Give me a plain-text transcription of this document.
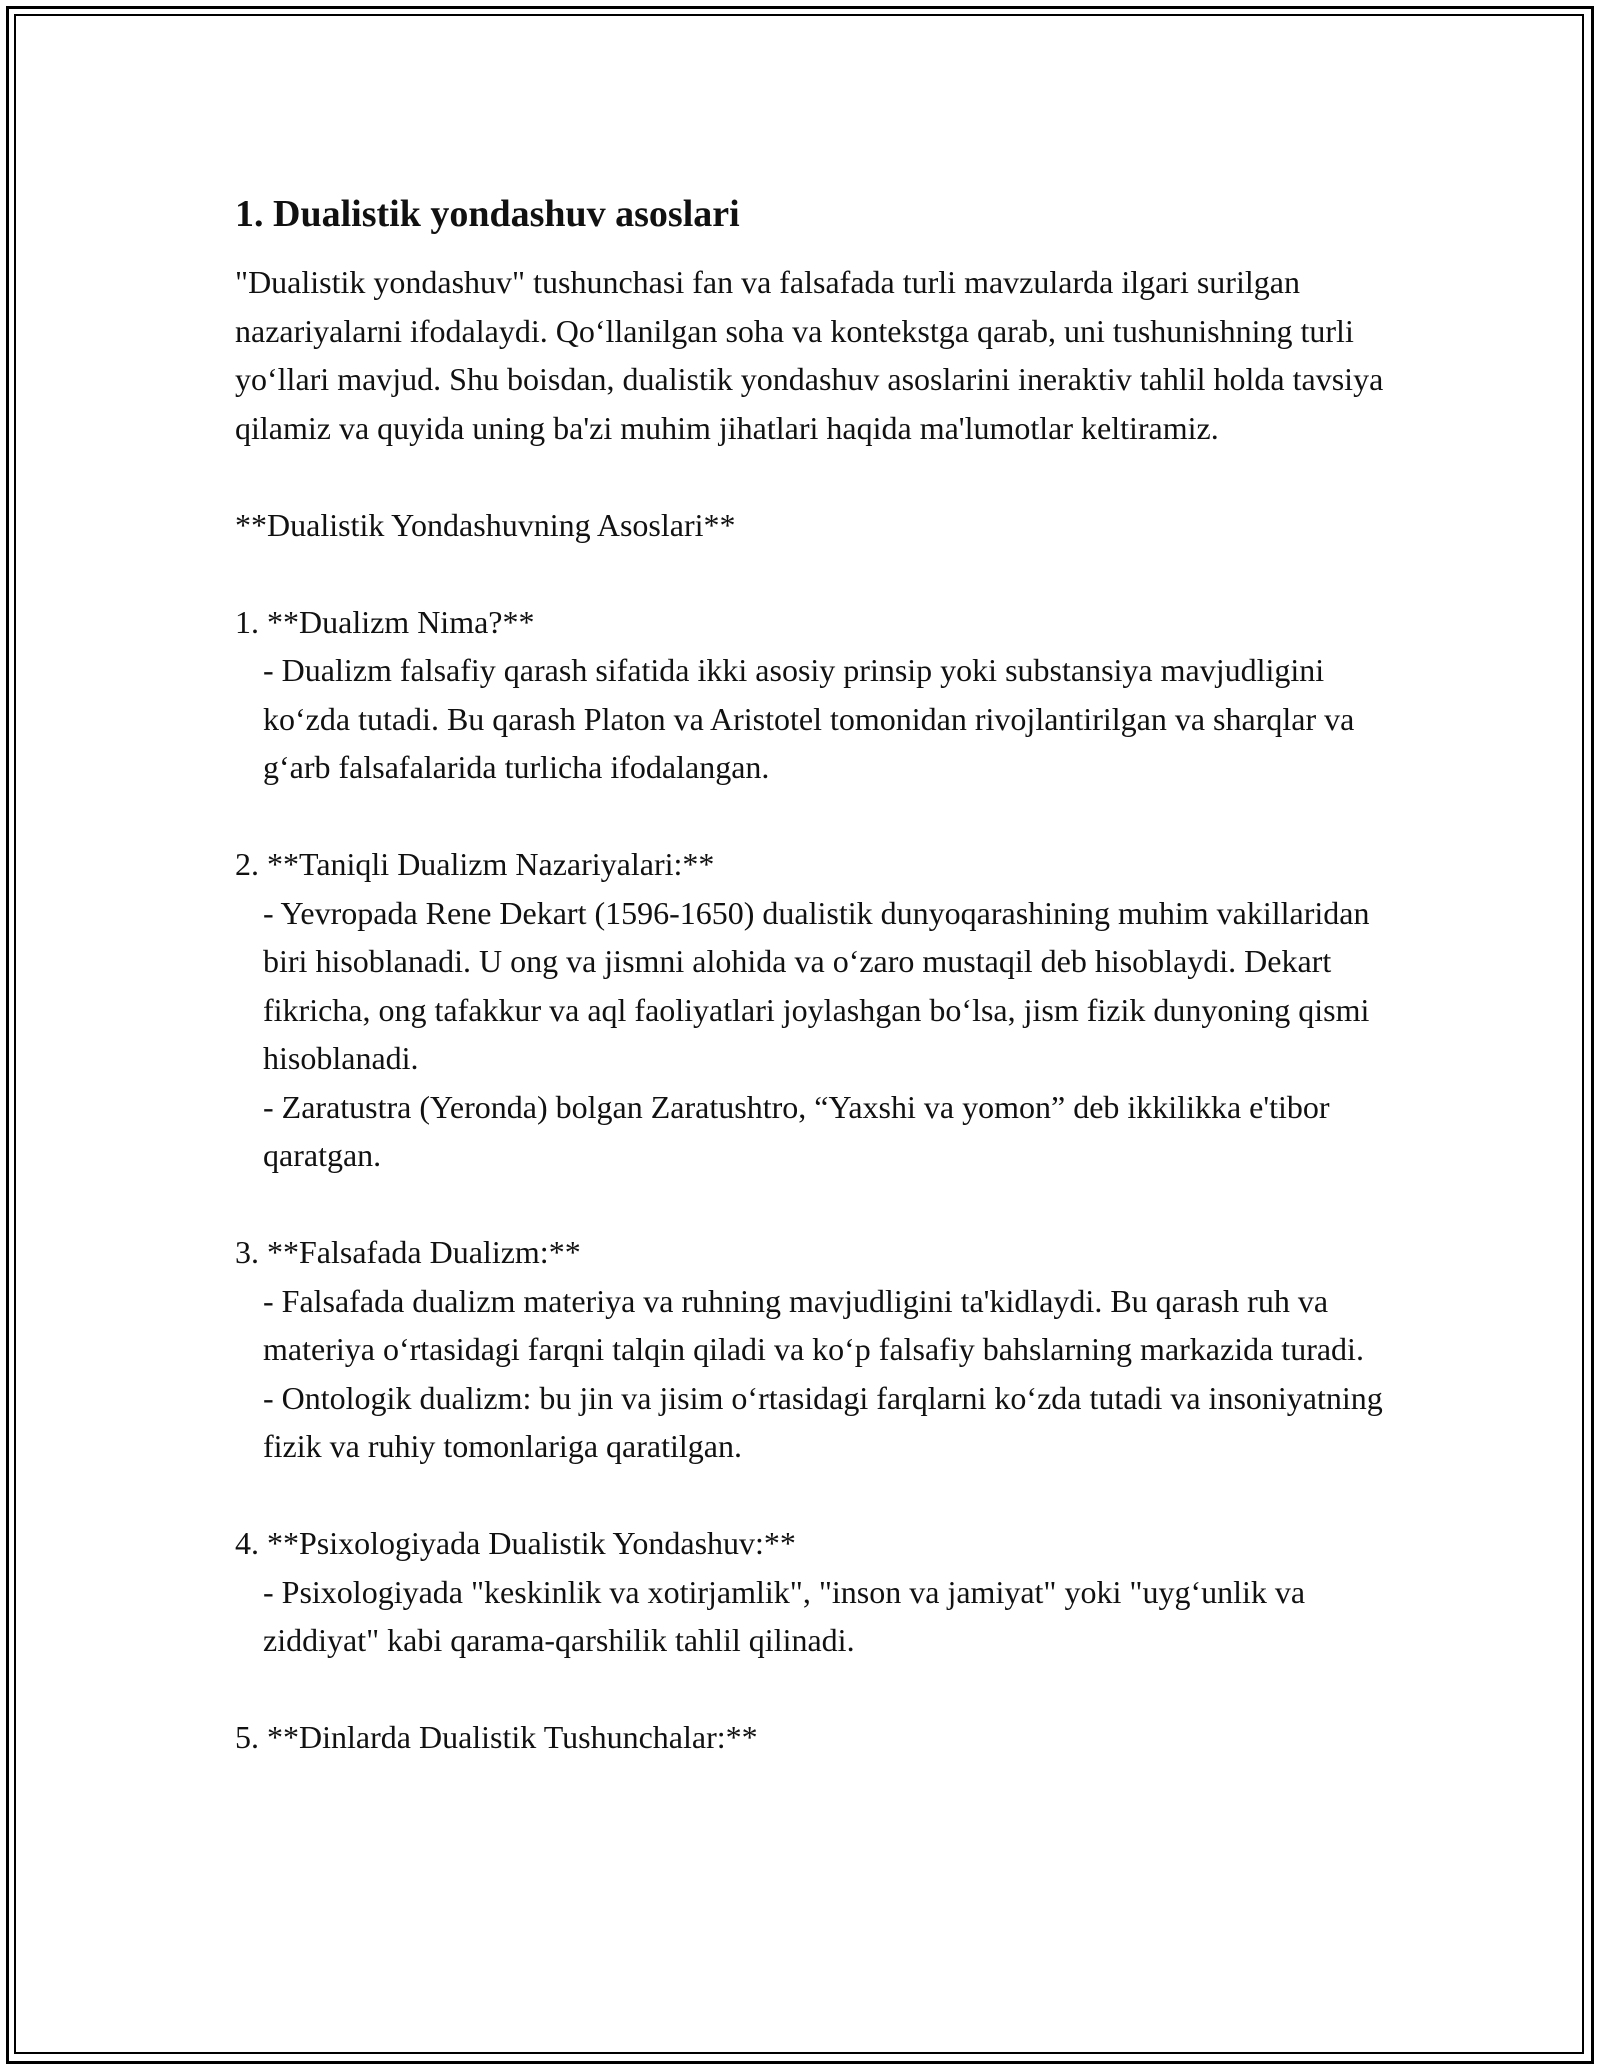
1. Dualistik yondashuv asoslari

"Dualistik yondashuv" tushunchasi fan va falsafada turli mavzularda ilgari surilgan nazariyalarni ifodalaydi. Qo‘llanilgan soha va kontekstga qarab, uni tushunishning turli yo‘llari mavjud. Shu boisdan, dualistik yondashuv asoslarini ineraktiv tahlil holda tavsiya qilamiz va quyida uning ba'zi muhim jihatlari haqida ma'lumotlar keltiramiz.

**Dualistik Yondashuvning Asoslari**

1. **Dualizm Nima?**

- Dualizm falsafiy qarash sifatida ikki asosiy prinsip yoki substansiya mavjudligini ko‘zda tutadi. Bu qarash Platon va Aristotel tomonidan rivojlantirilgan va sharqlar va g‘arb falsafalarida turlicha ifodalangan.

2. **Taniqli Dualizm Nazariyalari:**

- Yevropada Rene Dekart (1596-1650) dualistik dunyoqarashining muhim vakillaridan biri hisoblanadi. U ong va jismni alohida va o‘zaro mustaqil deb hisoblaydi. Dekart fikricha, ong tafakkur va aql faoliyatlari joylashgan bo‘lsa, jism fizik dunyoning qismi hisoblanadi.

- Zaratustra (Yeronda) bolgan Zaratushtro, “Yaxshi va yomon” deb ikkilikka e'tibor qaratgan.

3. **Falsafada Dualizm:**

- Falsafada dualizm materiya va ruhning mavjudligini ta'kidlaydi. Bu qarash ruh va materiya o‘rtasidagi farqni talqin qiladi va ko‘p falsafiy bahslarning markazida turadi.

- Ontologik dualizm: bu jin va jisim o‘rtasidagi farqlarni ko‘zda tutadi va insoniyatning fizik va ruhiy tomonlariga qaratilgan.

4. **Psixologiyada Dualistik Yondashuv:**

- Psixologiyada "keskinlik va xotirjamlik", "inson va jamiyat" yoki "uyg‘unlik va ziddiyat" kabi qarama-qarshilik tahlil qilinadi.

5. **Dinlarda Dualistik Tushunchalar:**
